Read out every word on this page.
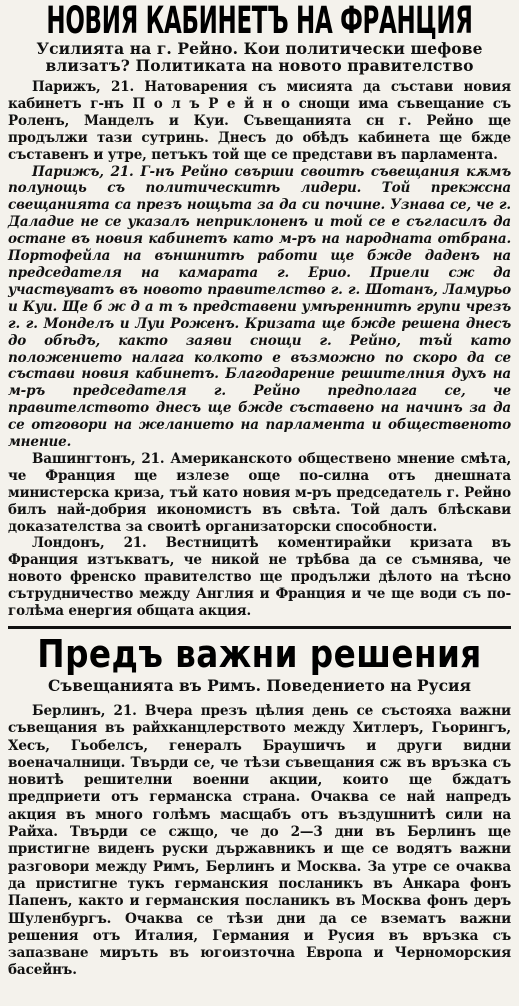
НОВИЯ КАБИНЕТЪ НА ФРАНЦИЯ
Усилията на г. Рейно. Кои политически шефове влизатъ? Политиката на новото правителство

Парижъ, 21. Натоварения съ мисията да състави новия кабинетъ г-нъ П о л ъ Р е й н о снощи има съвещание съ Роленъ, Манделъ и Куи. Съвещанията сн г. Рейно ще продължи тази сутринь. Днесъ до обѣдъ кабинета ще бжде съставенъ и утре, петъкъ той ще се представи въ парламента.

Парижъ, 21. Г-нъ Рейно свърши своитѣ съвещания кѫмъ полунощь съ политическитѣ лидери. Той прекжсна свещанията са презъ нощьта за да си почине. Узнава се, че г. Даладие не се указалъ неприклоненъ и той се е съгласилъ да остане въ новия кабинетъ като м-ръ на народната отбрана. Портофейла на външнитѣ работи ще бжде даденъ на председателя на камарата г. Ерио. Приели сж да участвуватъ въ новото правителство г. г. Шотанъ, Ламурьо и Куи. Ще б ж д а т ъ представени умѣреннитѣ групи чрезъ г. г. Монделъ и Луи Роженъ. Кризата ще бжде решена днесъ до обѣдъ, както заяви снощи г. Рейно, тъй като положението налага колкото е възможно по скоро да се състави новия кабинетъ. Благодарение решителния духъ на м-ръ председателя г. Рейно предполага се, че правителството днесъ ще бжде съставено на начинъ за да се отговори на желанието на парламента и общественото мнение.

Вашингтонъ, 21. Американското обществено мнение смѣта, че Франция ще излезе още по-силна отъ днешната министерска криза, тъй като новия м-ръ председатель г. Рейно билъ най-добрия икономистъ въ свѣта. Той далъ блѣскави доказателства за своитѣ организаторски способности.

Лондонъ, 21. Вестницитѣ коментирайки кризата въ Франция изтъкватъ, че никой не трѣбва да се съмнява, че новото френско правителство ще продължи дѣлото на тѣсно сътрудничество между Англия и Франция и че ще води съ по-голѣма енергия общата акция.

Предъ важни решения
Съвещанията въ Римъ. Поведението на Русия

Берлинъ, 21. Вчера презъ цѣлия день се състояха важни съвещания въ райхканцлерството между Хитлеръ, Гьорингъ, Хесъ, Гьобелсъ, генералъ Браушичъ и други видни военачалници. Твърди се, че тѣзи съвещания сж въ връзка съ новитѣ решителни военни акции, които ще бждатъ предприети отъ германска страна. Очаква се най напредъ акция въ много голѣмъ масщабъ отъ въздушнитѣ сили на Райха. Твърди се сжщо, че до 2—3 дни въ Берлинъ ще пристигне виденъ руски държавникъ и ще се водятъ важни разговори между Римъ, Берлинъ и Москва. За утре се очаква да пристигне тукъ германския посланикъ въ Анкара фонъ Папенъ, както и германския посланикъ въ Москва фонъ деръ Шуленбургъ. Очаква се тѣзи дни да се взематъ важни решения отъ Италия, Германия и Русия въ връзка съ запазване миръть въ югоизточна Европа и Черноморския басейнъ.
